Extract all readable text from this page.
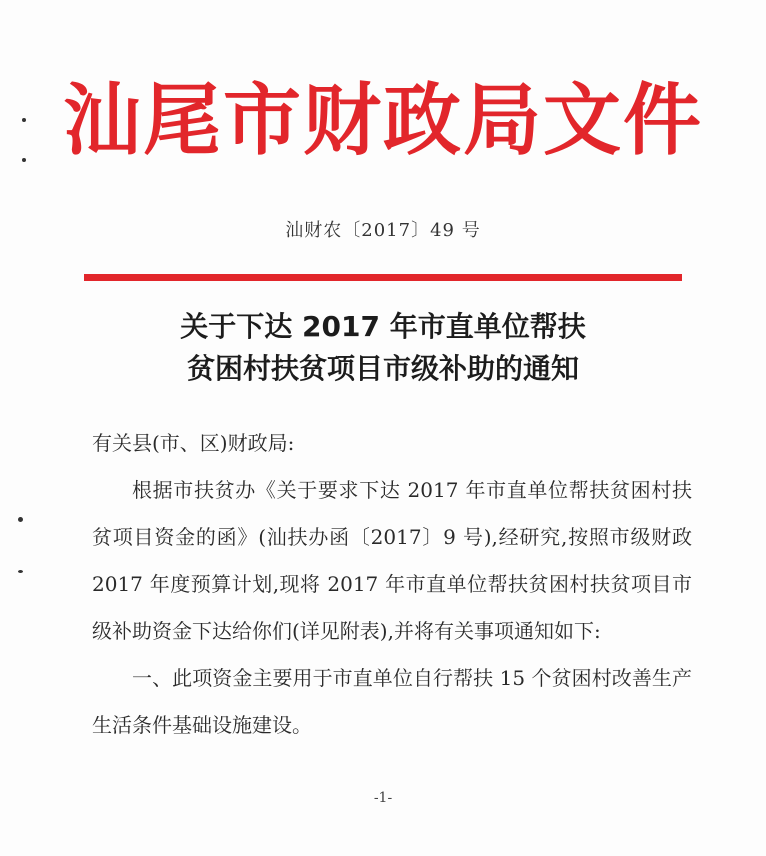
汕尾市财政局文件
汕财农〔2017〕49 号
关于下达 2017 年市直单位帮扶
贫困村扶贫项目市级补助的通知

有关县(市、区)财政局:

根据市扶贫办《关于要求下达 2017 年市直单位帮扶贫困村扶贫项目资金的函》(汕扶办函〔2017〕9 号),经研究,按照市级财政 2017 年度预算计划,现将 2017 年市直单位帮扶贫困村扶贫项目市级补助资金下达给你们(详见附表),并将有关事项通知如下:

一、此项资金主要用于市直单位自行帮扶 15 个贫困村改善生产生活条件基础设施建设。

-1-
